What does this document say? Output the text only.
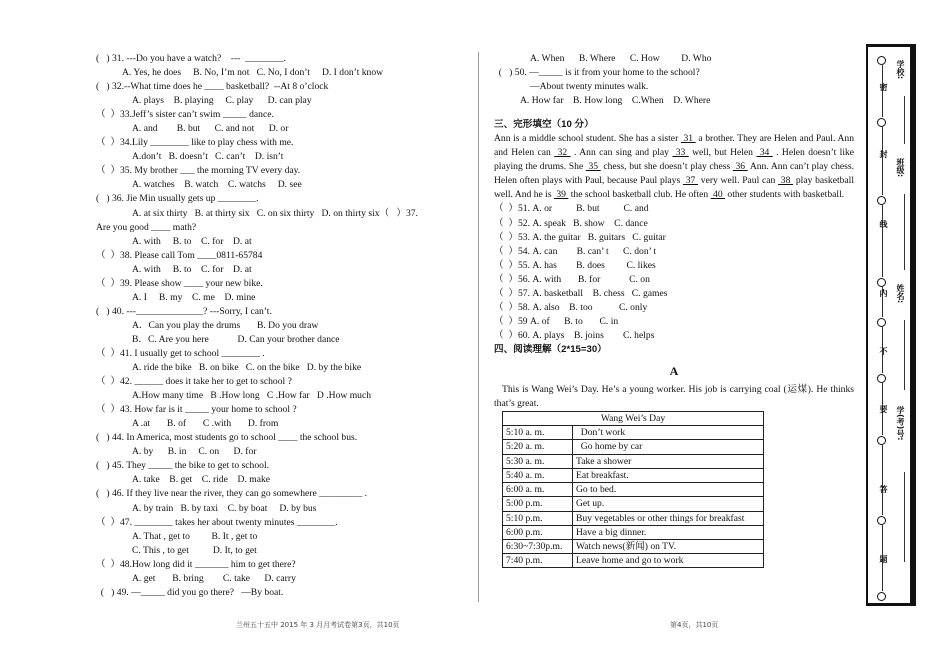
(   ) 31. ---Do you have a watch?    ---  ________.
A. Yes, he does     B. No, I’m not   C. No, I don’t     D. I don’t know
(   ) 32.--What time does he ____ basketball?  --At 8 o’clock
A. plays    B. playing     C. play      D. can play
（  ）33.Jeff’s sister can’t swim _____ dance.
A. and        B. but      C. and not      D. or
（  ）34.Lily ________ like to play chess with me.
A.don’t   B. doesn’t   C. can’t    D. isn’t
（  ）35. My brother ___ the morning TV every day.
A. watches    B. watch    C. watchs     D. see
(   ) 36. Jie Min usually gets up ________.
A. at six thirty   B. at thirty six   C. on six thirty   D. on thirty six（   ）37.
Are you good ____ math?
A. with     B. to    C. for    D. at
（  ）38. Please call Tom ____0811-65784
A. with     B. to    C. for    D. at
（  ）39. Please show ____ your new bike.
A. I     B. my    C. me    D. mine
(   ) 40. ---______________? ---Sorry, I can’t.
A．Can you play the drums       B. Do you draw
B．C. Are you here            D. Can your brother dance
（  ）41. I usually get to school ________ .
A. ride the bike   B. on bike   C. on the bike   D. by the bike
（  ）42. ______ does it take her to get to school ?
A.How many time   B .How long   C .How far   D .How much
（  ）43. How far is it _____ your home to school ?
A .at       B. of       C .with       D. from
(   ) 44. In America, most students go to school ____ the school bus.
A. by      B. in     C. on      D. for
(   ) 45. They _____ the bike to get to school.
A. take    B. get    C. ride    D. make
(   ) 46. If they live near the river, they can go somewhere _________ .
A. by train   B. by taxi    C. by boat     D. by bus
（  ）47. ________ takes her about twenty minutes ________.
A. That , get to         B. It , get to
C. This , to get          D. It, to get
（  ）48.How long did it _______ him to get there?
A. get       B. bring        C. take      D. carry
(   ) 49. —_____ did you go there?   —By boat.
A. When      B. Where      C. How         D. Who
(   ) 50. —_____ is it from your home to the school?
—About twenty minutes walk.
A. How far    B. How long    C.When    D. Where
三、完形填空（10 分）
Ann is a middle school student. She has a sister  31  a brother. They are Helen and Paul. Ann and Helen can  32  . Ann can sing and play  33  well, but Helen  34  . Helen doesn’t like playing the drums. She  35  chess, but she doesn’t play chess  36  Ann. Ann can’t play chess. Helen often plays with Paul, because Paul plays  37  very well. Paul can  38  play basketball well. And he is  39  the school basketball club. He often  40  other students with basketball.
（  ）51. A. or          B. but          C. and
（  ）52. A. speak   B. show    C. dance
（  ）53. A. the guitar   B. guitars   C. guitar
（  ）54. A. can        B. can’ t      C. don’ t
（  ）55. A. has        B. does         C. likes
（  ）56. A. with       B. for            C. on
（  ）57. A. basketball    B. chess   C. games
（  ）58. A. also    B. too           C. only
（  ）59 A. of      B. to       C. in
（  ）60. A. plays    B. joins        C. helps
四、阅读理解（2*15=30）
A
This is Wang Wei’s Day. He’s a young worker. His job is carrying coal (运煤). He thinks that’s great.
Wang Wei’s Day	
5:10 a. m.	Don’t work
5:20 a. m.	Go home by car
5:30 a. m.	Take a shower
5:40 a. m.	Eat breakfast.
6:00 a. m.	Go to bed.
5:00 p.m.	Get up.
5:10 p.m.	Buy vegetables or other things for breakfast
6:00 p.m.	Have a big dinner.
6:30~7:30p.m.	Watch news(新闻) on TV.
7:40 p.m.	Leave home and go to work
兰州五十五中 2015 年 3 月月考试卷第3页，共10页	第4页，共10页
密
封
线
内
不
要
答
题
学校:
班级:
姓名:
学(考)号:
